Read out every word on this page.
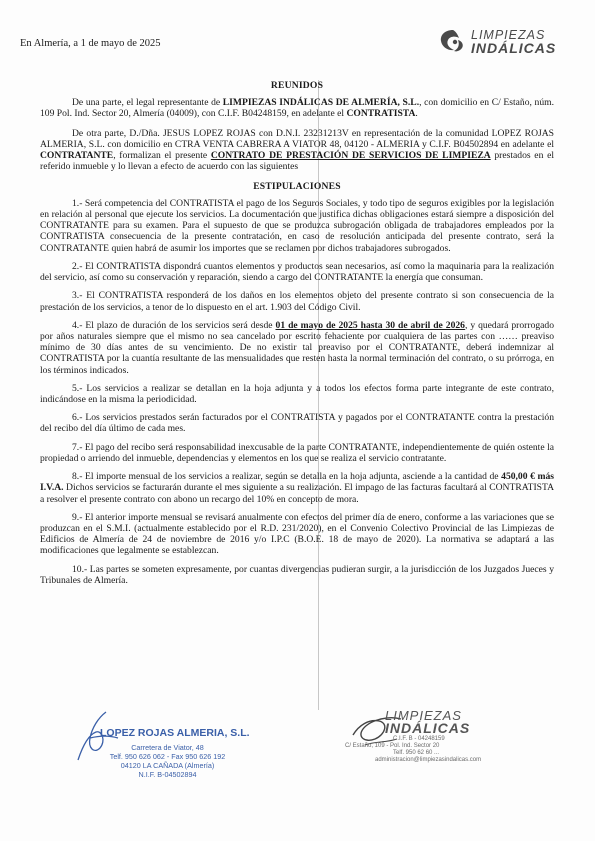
En Almería, a 1 de mayo de 2025
LIMPIEZAS
INDÁLICAS
REUNIDOS

De una parte, el legal representante de LIMPIEZAS INDÁLICAS DE ALMERÍA, S.L., con domicilio en C/ Estaño, núm. 109 Pol. Ind. Sector 20, Almería (04009), con C.I.F. B04248159, en adelante el CONTRATISTA.

De otra parte, D./Dña. JESUS LOPEZ ROJAS con D.N.I. 23231213V en representación de la comunidad LOPEZ ROJAS ALMERIA, S.L. con domicilio en CTRA VENTA CABRERA A VIATOR 48, 04120 - ALMERIA y C.I.F. B04502894 en adelante el CONTRATANTE, formalizan el presente CONTRATO DE PRESTACIÓN DE SERVICIOS DE LIMPIEZA prestados en el referido inmueble y lo llevan a efecto de acuerdo con las siguientes

ESTIPULACIONES

1.- Será competencia del CONTRATISTA el pago de los Seguros Sociales, y todo tipo de seguros exigibles por la legislación en relación al personal que ejecute los servicios. La documentación que justifica dichas obligaciones estará siempre a disposición del CONTRATANTE para su examen. Para el supuesto de que se produzca subrogación obligada de trabajadores empleados por la CONTRATISTA consecuencia de la presente contratación, en caso de resolución anticipada del presente contrato, será la CONTRATANTE quien habrá de asumir los importes que se reclamen por dichos trabajadores subrogados.

2.- El CONTRATISTA dispondrá cuantos elementos y productos sean necesarios, así como la maquinaria para la realización del servicio, así como su conservación y reparación, siendo a cargo del CONTRATANTE la energía que consuman.

3.- El CONTRATISTA responderá de los daños en los elementos objeto del presente contrato si son consecuencia de la prestación de los servicios, a tenor de lo dispuesto en el art. 1.903 del Código Civil.

4.- El plazo de duración de los servicios será desde 01 de mayo de 2025 hasta 30 de abril de 2026, y quedará prorrogado por años naturales siempre que el mismo no sea cancelado por escrito fehaciente por cualquiera de las partes con …… preaviso mínimo de 30 días antes de su vencimiento. De no existir tal preaviso por el CONTRATANTE, deberá indemnizar al CONTRATISTA por la cuantía resultante de las mensualidades que resten hasta la normal terminación del contrato, o su prórroga, en los términos indicados.

5.- Los servicios a realizar se detallan en la hoja adjunta y a todos los efectos forma parte integrante de este contrato, indicándose en la misma la periodicidad.

6.- Los servicios prestados serán facturados por el CONTRATISTA y pagados por el CONTRATANTE contra la prestación del recibo del día último de cada mes.

7.- El pago del recibo será responsabilidad inexcusable de la parte CONTRATANTE, independientemente de quién ostente la propiedad o arriendo del inmueble, dependencias y elementos en los que se realiza el servicio contratante.

8.- El importe mensual de los servicios a realizar, según se detalla en la hoja adjunta, asciende a la cantidad de 450,00 € más I.V.A. Dichos servicios se facturarán durante el mes siguiente a su realización. El impago de las facturas facultará al CONTRATISTA a resolver el presente contrato con abono un recargo del 10% en concepto de mora.

9.- El anterior importe mensual se revisará anualmente con efectos del primer día de enero, conforme a las variaciones que se produzcan en el S.M.I. (actualmente establecido por el R.D. 231/2020), en el Convenio Colectivo Provincial de las Limpiezas de Edificios de Almería de 24 de noviembre de 2016 y/o I.P.C (B.O.E. 18 de mayo de 2020). La normativa se adaptará a las modificaciones que legalmente se establezcan.

10.- Las partes se someten expresamente, por cuantas divergencias pudieran surgir, a la jurisdicción de los Juzgados Jueces y Tribunales de Almería.

LOPEZ ROJAS ALMERIA, S.L.
Carretera de Viator, 48
Telf. 950 626 062 - Fax 950 626 192
04120 LA CAÑADA (Almería)
N.I.F. B-04502894
LIMPIEZAS
INDÁLICAS
C.I.F. B - 04248159
C/ Estaño, 109 - Pol. Ind. Sector 20
Telf. 950 62 60 ...
administracion@limpiezasindalicas.com
